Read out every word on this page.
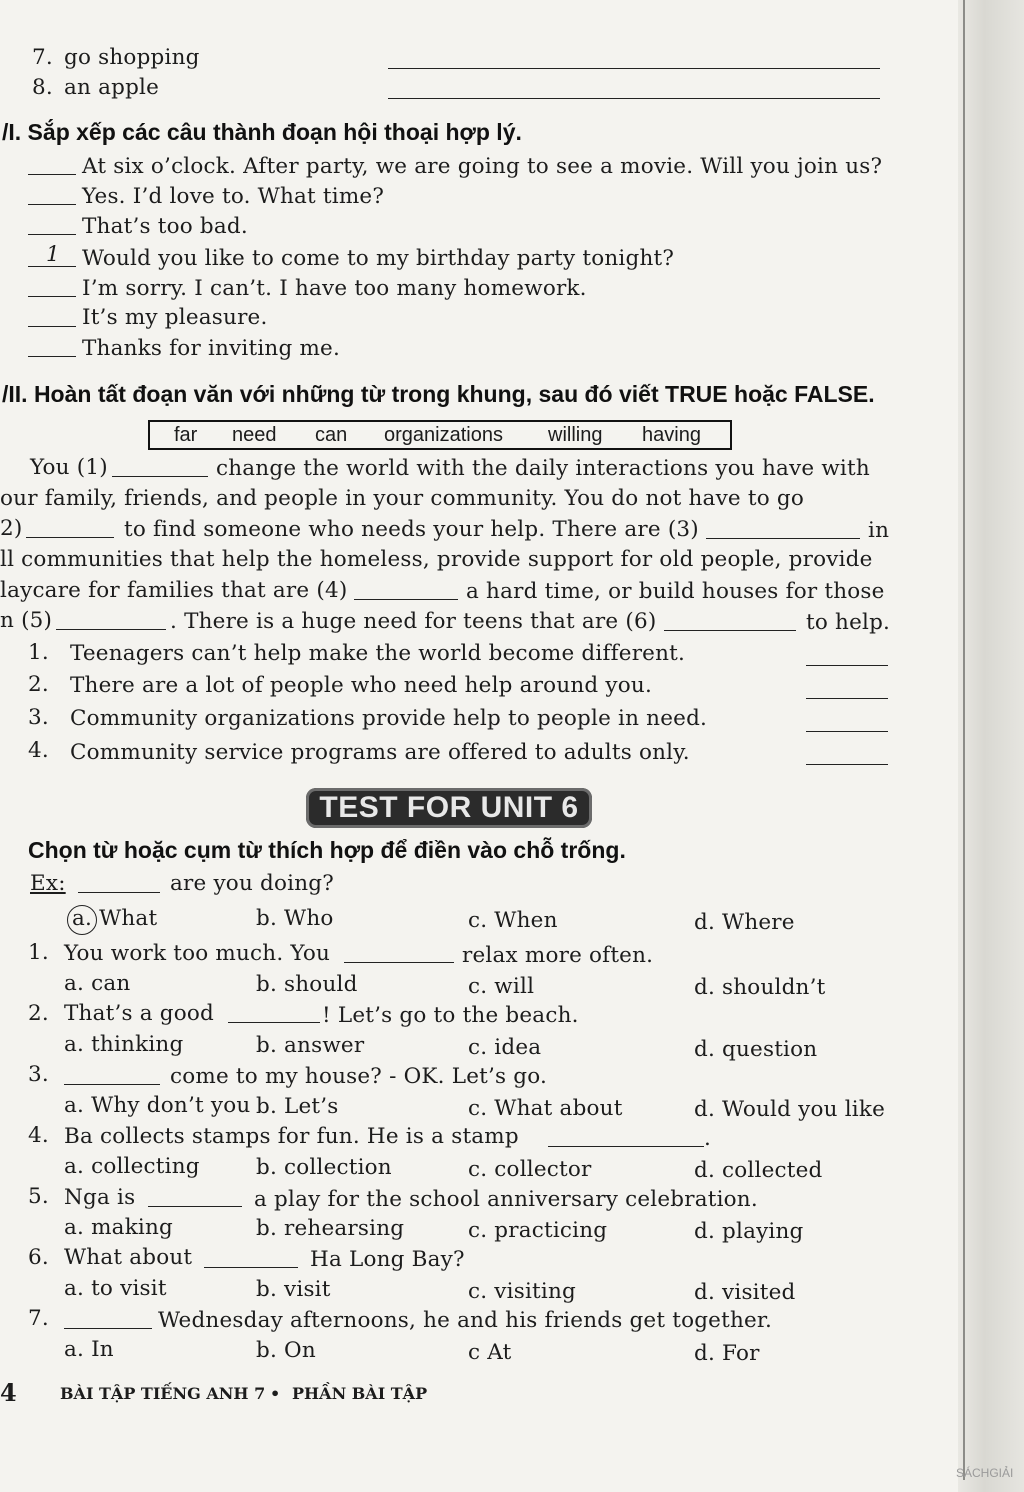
7. go shopping
8. an apple
/I. Sắp xếp các câu thành đoạn hội thoại hợp lý.
At six o’clock. After party, we are going to see a movie. Will you join us?
Yes. I’d love to. What time?
That’s too bad.
1 Would you like to come to my birthday party tonight?
I’m sorry. I can’t. I have too many homework.
It’s my pleasure.
Thanks for inviting me.
/II. Hoàn tất đoạn văn với những từ trong khung, sau đó viết TRUE hoặc FALSE.
far need can organizations willing having
You (1)	change the world with the daily interactions you have with
our family, friends, and people in your community. You do not have to go
2)	to find someone who needs your help. There are (3)	in
ll communities that help the homeless, provide support for old people, provide
laycare for families that are (4)	a hard time, or build houses for those
n (5)	. There is a huge need for teens that are (6)	to help.
1. Teenagers can’t help make the world become different.
2. There are a lot of people who need help around you.
3. Community organizations provide help to people in need.
4. Community service programs are offered to adults only.
TEST FOR UNIT 6
Chọn từ hoặc cụm từ thích hợp để điền vào chỗ trống.
Ex:	are you doing?
a. What	b. Who	c. When	d. Where
1. You work too much. You	relax more often.
a. can	b. should	c. will	d. shouldn’t
2. That’s a good	! Let’s go to the beach.
a. thinking	b. answer	c. idea	d. question
3.	come to my house? - OK. Let’s go.
a. Why don’t you b. Let’s	c. What about	d. Would you like
4. Ba collects stamps for fun. He is a stamp	.
a. collecting	b. collection	c. collector	d. collected
5. Nga is	a play for the school anniversary celebration.
a. making	b. rehearsing	c. practicing	d. playing
6. What about	Ha Long Bay?
a. to visit	b. visit	c. visiting	d. visited
7.	Wednesday afternoons, he and his friends get together.
a. In	b. On	c At	d. For
4	BÀI TẬP TIẾNG ANH 7 • PHẦN BÀI TẬP
SÁCHGIẢI
